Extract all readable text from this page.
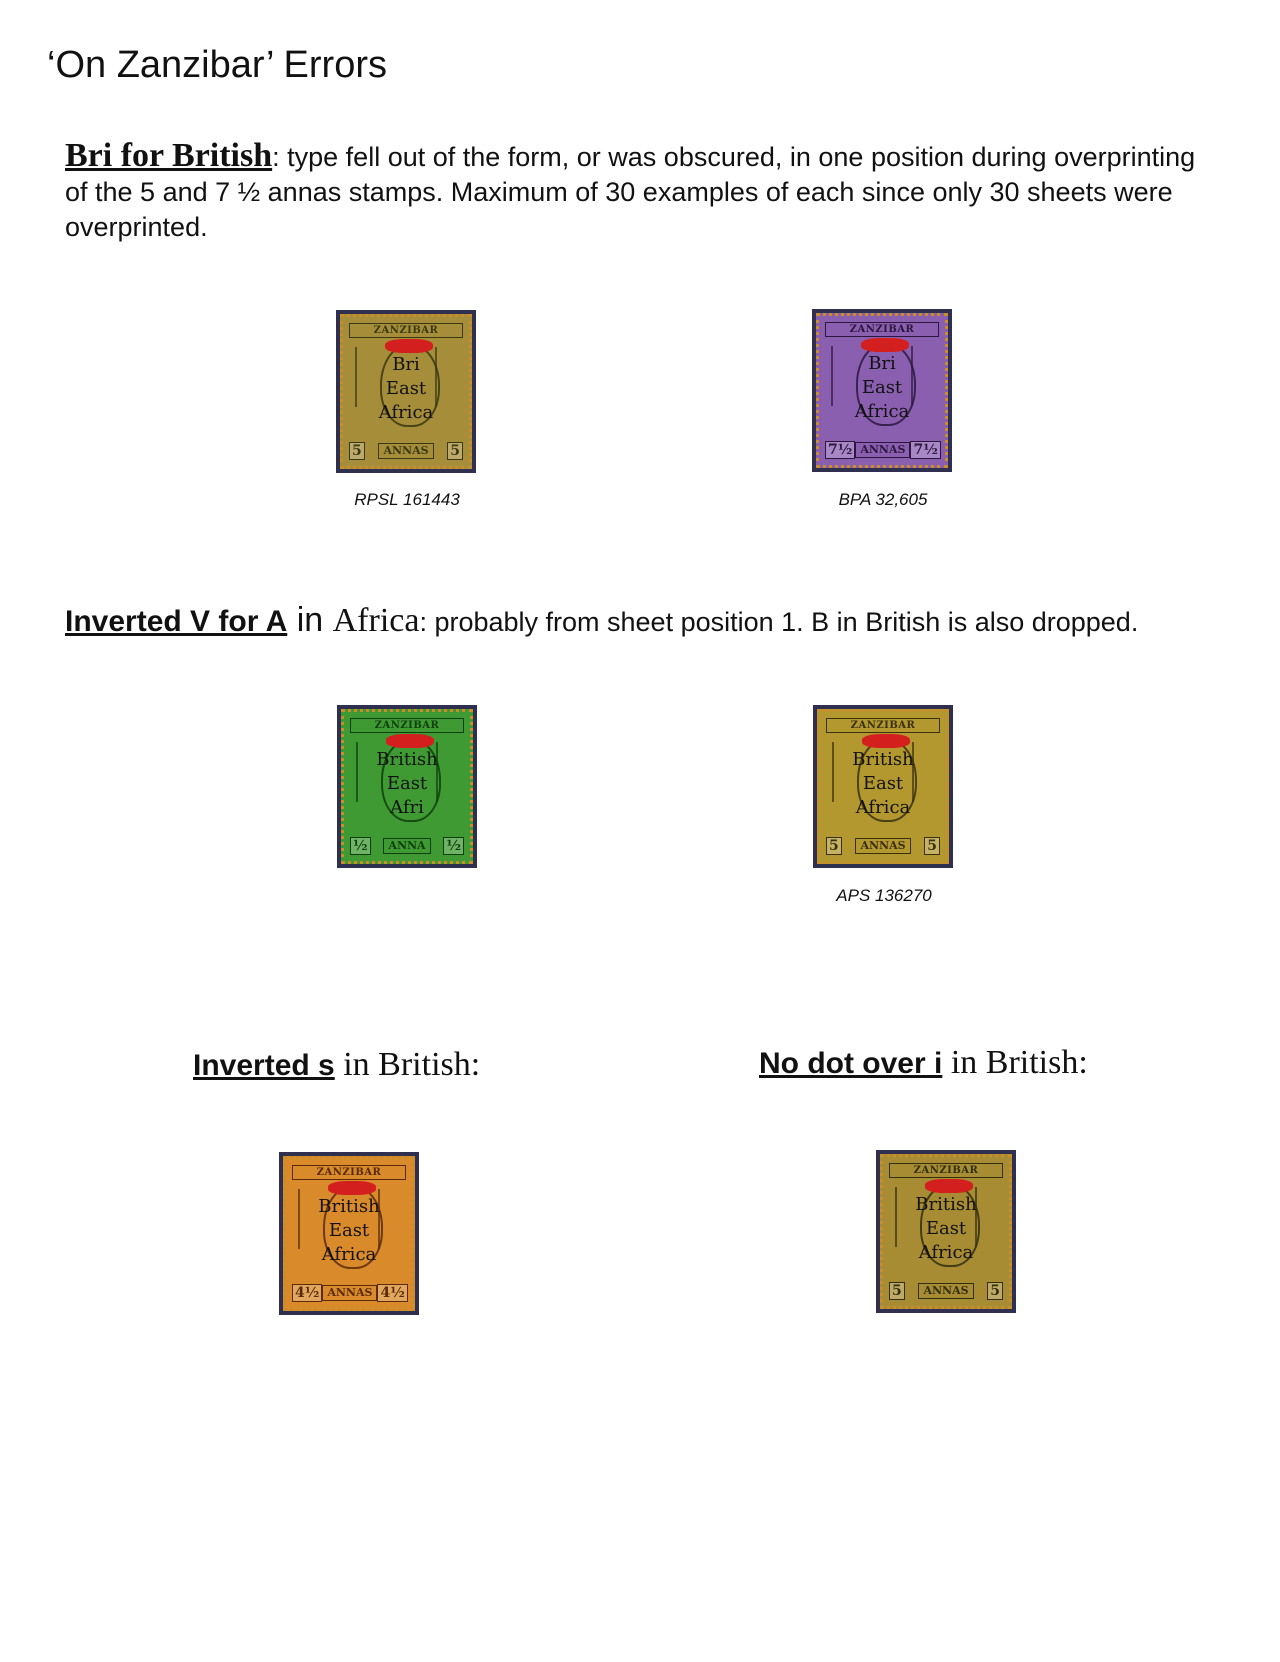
‘On Zanzibar’ Errors
Bri for British: type fell out of the form, or was obscured, in one position during overprinting of the 5 and 7 ½ annas stamps. Maximum of 30 examples of each since only 30 sheets were overprinted.
ZANZIBAR
Bri
East
Africa
5	ANNAS	5
RPSL 161443
ZANZIBAR
Bri
East
Africa
7½ ANNAS 7½
BPA 32,605
Inverted V for A in Africa: probably from sheet position 1. B in British is also dropped.
ZANZIBAR
British
East
Afri
½	ANNA	½
ZANZIBAR
British
East
Africa
5	ANNAS	5
APS 136270
Inverted s in British:	No dot over i in British:
ZANZIBAR
British
East
Africa
4½ ANNAS 4½
ZANZIBAR
British
East
Africa
5	ANNAS	5
